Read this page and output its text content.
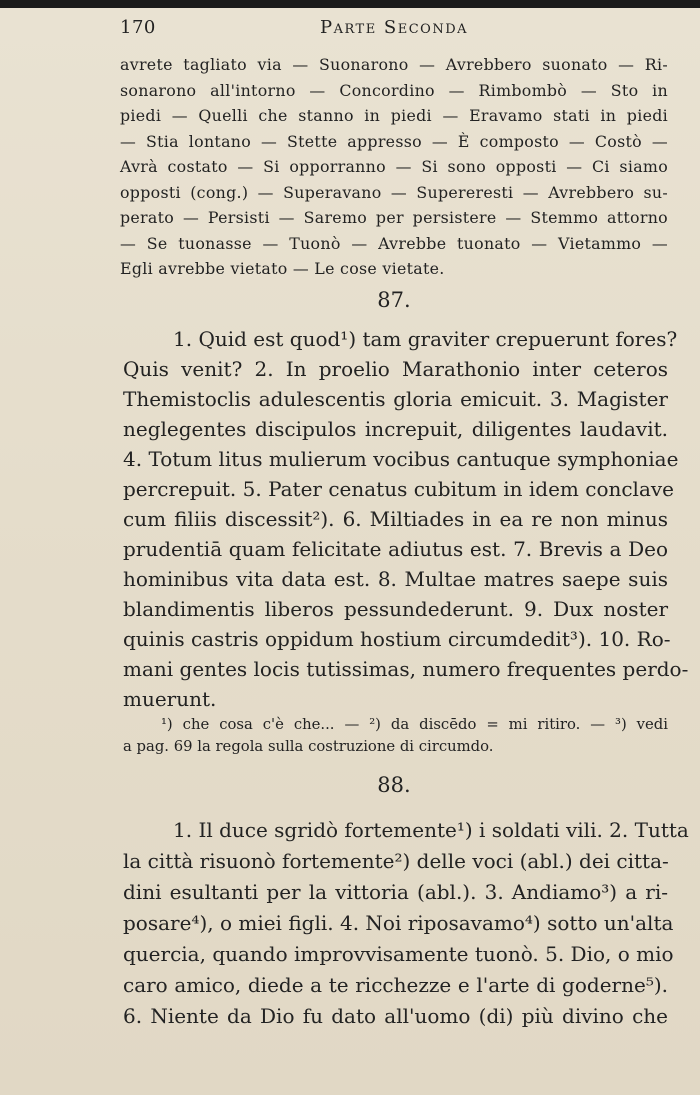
170	Parte Seconda
avrete tagliato via — Suonarono — Avrebbero suonato — Ri-
sonarono all'intorno — Concordino — Rimbombò — Sto in
piedi — Quelli che stanno in piedi — Eravamo stati in piedi
— Stia lontano — Stette appresso — È composto — Costò —
Avrà costato — Si opporranno — Si sono opposti — Ci siamo
opposti (cong.) — Superavano — Supereresti — Avrebbero su-
perato — Persisti — Saremo per persistere — Stemmo attorno
— Se tuonasse — Tuonò — Avrebbe tuonato — Vietammo —
Egli avrebbe vietato — Le cose vietate.
87.
1. Quid est quod¹) tam graviter crepuerunt fores?
Quis venit? 2. In proelio Marathonio inter ceteros
Themistoclis adulescentis gloria emicuit. 3. Magister
neglegentes discipulos increpuit, diligentes laudavit.
4. Totum litus mulierum vocibus cantuque symphoniae
percrepuit. 5. Pater cenatus cubitum in idem conclave
cum filiis discessit²). 6. Miltiades in ea re non minus
prudentiā quam felicitate adiutus est. 7. Brevis a Deo
hominibus vita data est. 8. Multae matres saepe suis
blandimentis liberos pessundederunt. 9. Dux noster
quinis castris oppidum hostium circumdedit³). 10. Ro-
mani gentes locis tutissimas, numero frequentes perdo-
muerunt.
¹) che cosa c'è che... — ²) da discēdo = mi ritiro. — ³) vedi
a pag. 69 la regola sulla costruzione di circumdo.
88.
1. Il duce sgridò fortemente¹) i soldati vili. 2. Tutta
la città risuonò fortemente²) delle voci (abl.) dei citta-
dini esultanti per la vittoria (abl.). 3. Andiamo³) a ri-
posare⁴), o miei figli. 4. Noi riposavamo⁴) sotto un'alta
quercia, quando improvvisamente tuonò. 5. Dio, o mio
caro amico, diede a te ricchezze e l'arte di goderne⁵).
6. Niente da Dio fu dato all'uomo (di) più divino che
